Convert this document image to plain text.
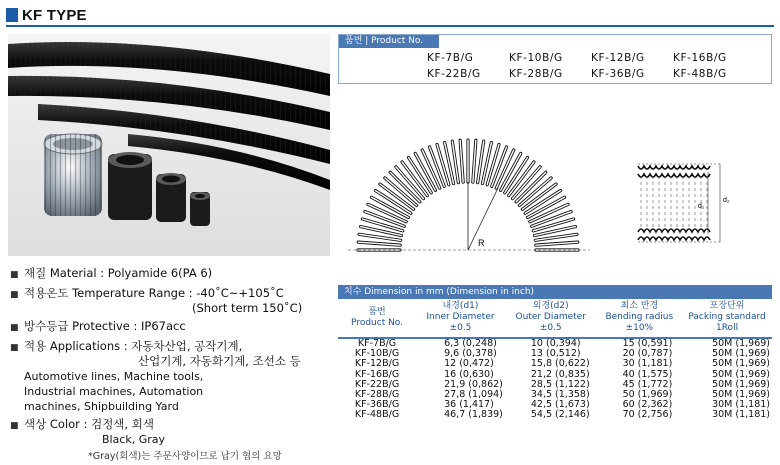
KF TYPE
■ 재질 Material : Polyamide 6(PA 6)
■ 적용온도 Temperature Range : -40˚C~+105˚C
(Short term 150˚C)
■ 방수등급 Protective : IP67acc
■ 적용 Applications : 자동차산업, 공작기계,
산업기계, 자동화기계, 조선소 등
Automotive lines, Machine tools,
Industrial machines, Automation
machines, Shipbuilding Yard
■ 색상 Color : 검정색, 회색
Black, Gray
*Gray(회색)는 주문사양이므로 납기 협의 요망
품번 | Product No.
KF-7B/G	KF-10B/G	KF-12B/G	KF-16B/G
KF-22B/G	KF-28B/G	KF-36B/G	KF-48B/G
R
d₂
d₁
치수 Dimension in mm (Dimension in inch)
품번
Product No.	내경(d1)
Inner Diameter
±0.5	외경(d2)
Outer Diameter
±0.5	최소 반경
Bending radius
±10%	포장단위
Packing standard
1Roll

KF-7B/G	6,3 (0,248)	10 (0,394)	15 (0,591)	50M (1,969)
KF-10B/G	9,6 (0,378)	13 (0,512)	20 (0,787)	50M (1,969)
KF-12B/G	12 (0,472)	15,8 (0,622)	30 (1,181)	50M (1,969)
KF-16B/G	16 (0,630)	21,2 (0,835)	40 (1,575)	50M (1,969)
KF-22B/G	21,9 (0,862)	28,5 (1,122)	45 (1,772)	50M (1,969)
KF-28B/G	27,8 (1,094)	34,5 (1,358)	50 (1,969)	50M (1,969)
KF-36B/G	36 (1,417)	42,5 (1,673)	60 (2,362)	30M (1,181)
KF-48B/G	46,7 (1,839)	54,5 (2,146)	70 (2,756)	30M (1,181)
